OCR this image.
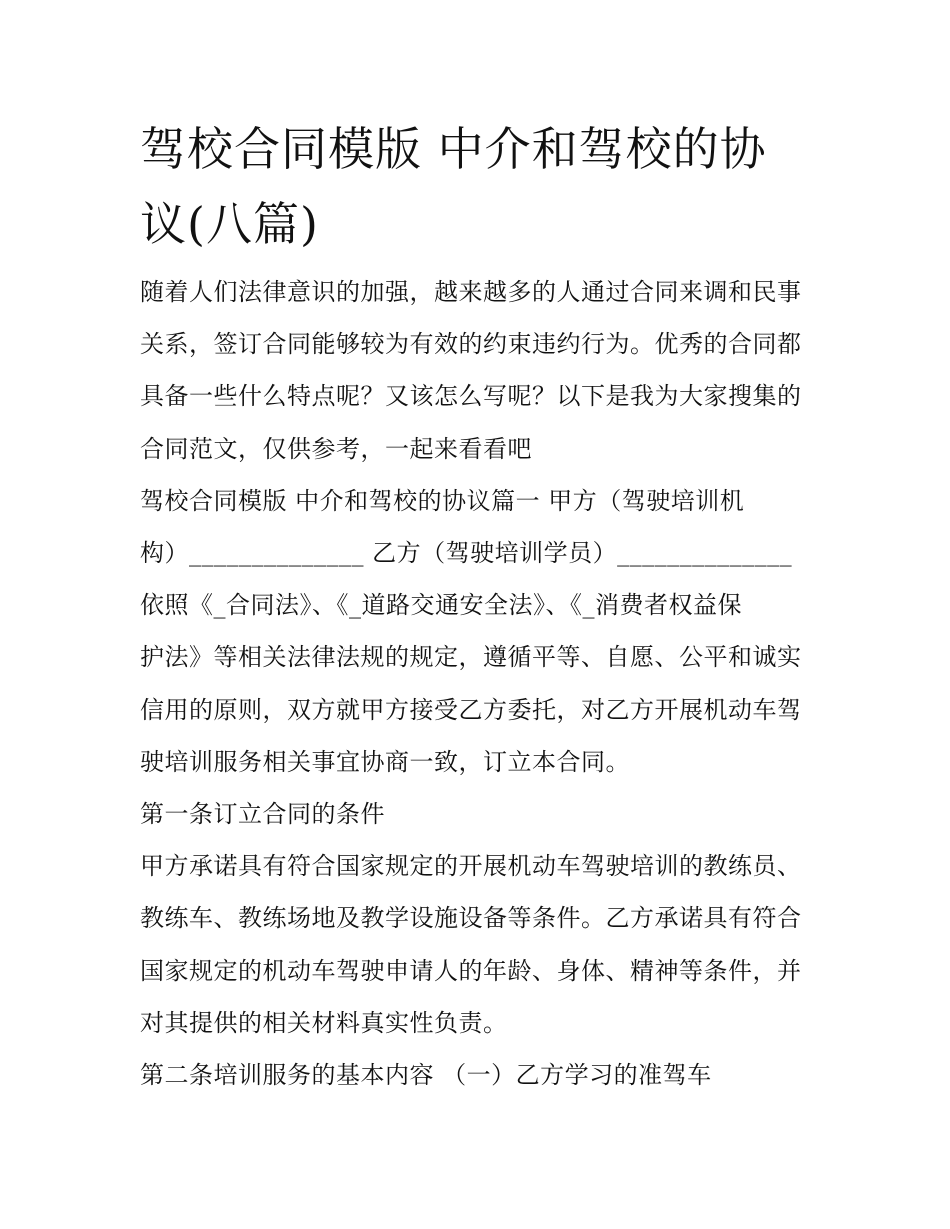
驾校合同模版 中介和驾校的协
议(八篇)

随着人们法律意识的加强，越来越多的人通过合同来调和民事
关系，签订合同能够较为有效的约束违约行为。优秀的合同都
具备一些什么特点呢？又该怎么写呢？以下是我为大家搜集的
合同范文，仅供参考，一起来看看吧

驾校合同模版 中介和驾校的协议篇一 甲方（驾驶培训机
构）______________ 乙方（驾驶培训学员）______________

依照《_合同法》、《_道路交通安全法》、《_消费者权益保
护法》等相关法律法规的规定，遵循平等、自愿、公平和诚实
信用的原则，双方就甲方接受乙方委托，对乙方开展机动车驾
驶培训服务相关事宜协商一致，订立本合同。

第一条订立合同的条件

甲方承诺具有符合国家规定的开展机动车驾驶培训的教练员、
教练车、教练场地及教学设施设备等条件。乙方承诺具有符合
国家规定的机动车驾驶申请人的年龄、身体、精神等条件，并
对其提供的相关材料真实性负责。

第二条培训服务的基本内容 （一）乙方学习的准驾车
